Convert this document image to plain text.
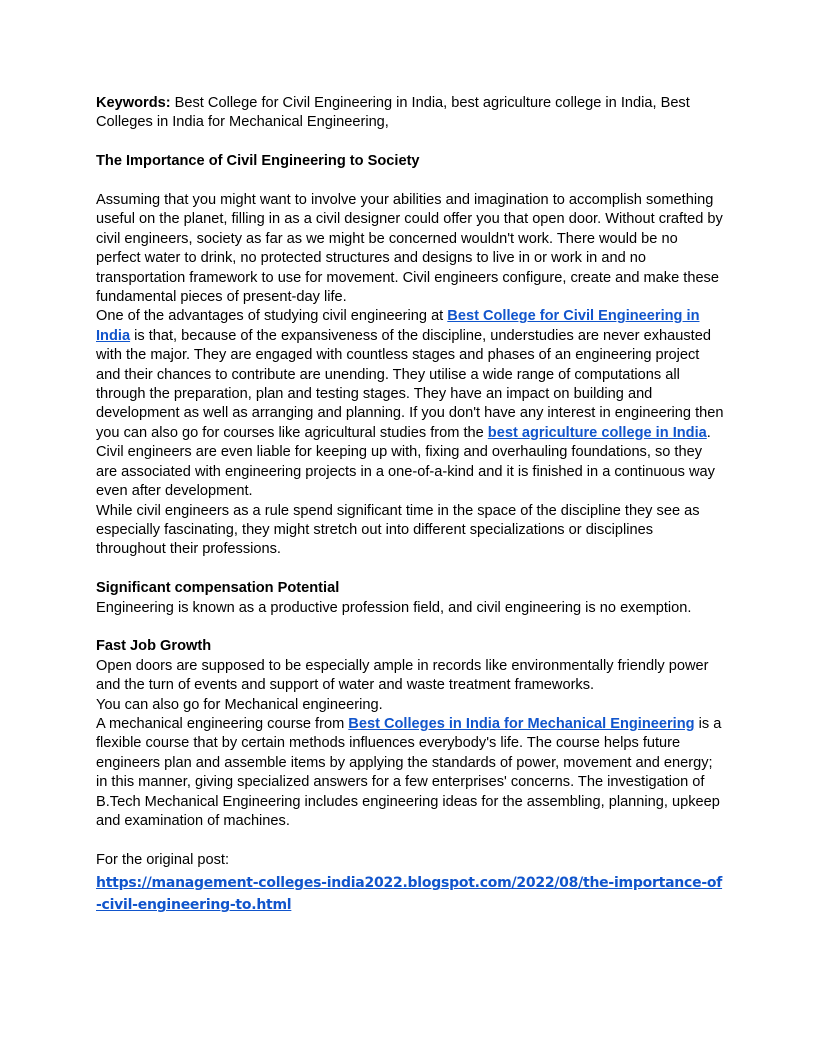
Keywords: Best College for Civil Engineering in India, best agriculture college in India, Best Colleges in India for Mechanical Engineering,

The Importance of Civil Engineering to Society

Assuming that you might want to involve your abilities and imagination to accomplish something useful on the planet, filling in as a civil designer could offer you that open door. Without crafted by civil engineers, society as far as we might be concerned wouldn't work. There would be no perfect water to drink, no protected structures and designs to live in or work in and no transportation framework to use for movement. Civil engineers configure, create and make these fundamental pieces of present-day life.

One of the advantages of studying civil engineering at Best College for Civil Engineering in India is that, because of the expansiveness of the discipline, understudies are never exhausted with the major. They are engaged with countless stages and phases of an engineering project and their chances to contribute are unending. They utilise a wide range of computations all through the preparation, plan and testing stages. They have an impact on building and development as well as arranging and planning. If you don't have any interest in engineering then you can also go for courses like agricultural studies from the best agriculture college in India.

Civil engineers are even liable for keeping up with, fixing and overhauling foundations, so they are associated with engineering projects in a one-of-a-kind and it is finished in a continuous way even after development.

While civil engineers as a rule spend significant time in the space of the discipline they see as especially fascinating, they might stretch out into different specializations or disciplines throughout their professions.

Significant compensation Potential

Engineering is known as a productive profession field, and civil engineering is no exemption.

Fast Job Growth

Open doors are supposed to be especially ample in records like environmentally friendly power and the turn of events and support of water and waste treatment frameworks.

You can also go for Mechanical engineering.

A mechanical engineering course from Best Colleges in India for Mechanical Engineering is a flexible course that by certain methods influences everybody's life. The course helps future engineers plan and assemble items by applying the standards of power, movement and energy; in this manner, giving specialized answers for a few enterprises' concerns. The investigation of B.Tech Mechanical Engineering includes engineering ideas for the assembling, planning, upkeep and examination of machines.

For the original post:

https://management-colleges-india2022.blogspot.com/2022/08/the-importance-of-civil-engineering-to.html
